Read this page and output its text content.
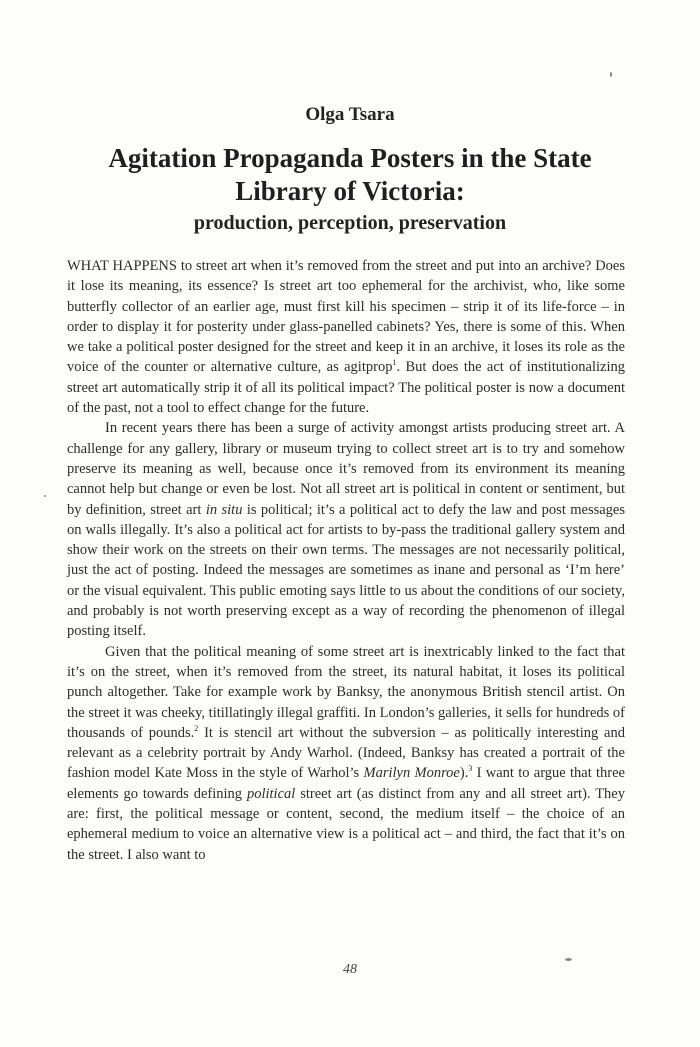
Olga Tsara
Agitation Propaganda Posters in the State Library of Victoria:
production, perception, preservation

WHAT HAPPENS to street art when it’s removed from the street and put into an archive? Does it lose its meaning, its essence? Is street art too ephemeral for the archivist, who, like some butterfly collector of an earlier age, must first kill his specimen – strip it of its life-force – in order to display it for posterity under glass-panelled cabinets? Yes, there is some of this. When we take a political poster designed for the street and keep it in an archive, it loses its role as the voice of the counter or alternative culture, as agitprop$^1$. But does the act of institutionalizing street art automatically strip it of all its political impact? The political poster is now a document of the past, not a tool to effect change for the future.

In recent years there has been a surge of activity amongst artists producing street art. A challenge for any gallery, library or museum trying to collect street art is to try and somehow preserve its meaning as well, because once it’s removed from its environment its meaning cannot help but change or even be lost. Not all street art is political in content or sentiment, but by definition, street art in situ is political; it’s a political act to defy the law and post messages on walls illegally. It’s also a political act for artists to by-pass the traditional gallery system and show their work on the streets on their own terms. The messages are not necessarily political, just the act of posting. Indeed the messages are sometimes as inane and personal as ‘I’m here’ or the visual equivalent. This public emoting says little to us about the conditions of our society, and probably is not worth preserving except as a way of recording the phenomenon of illegal posting itself.

Given that the political meaning of some street art is inextricably linked to the fact that it’s on the street, when it’s removed from the street, its natural habitat, it loses its political punch altogether. Take for example work by Banksy, the anonymous British stencil artist. On the street it was cheeky, titillatingly illegal graffiti. In London’s galleries, it sells for hundreds of thousands of pounds.$^2$ It is stencil art without the subversion – as politically interesting and relevant as a celebrity portrait by Andy Warhol. (Indeed, Banksy has created a portrait of the fashion model Kate Moss in the style of Warhol’s Marilyn Monroe).$^3$ I want to argue that three elements go towards defining political street art (as distinct from any and all street art). They are: first, the political message or content, second, the medium itself – the choice of an ephemeral medium to voice an alternative view is a political act – and third, the fact that it’s on the street. I also want to

48
